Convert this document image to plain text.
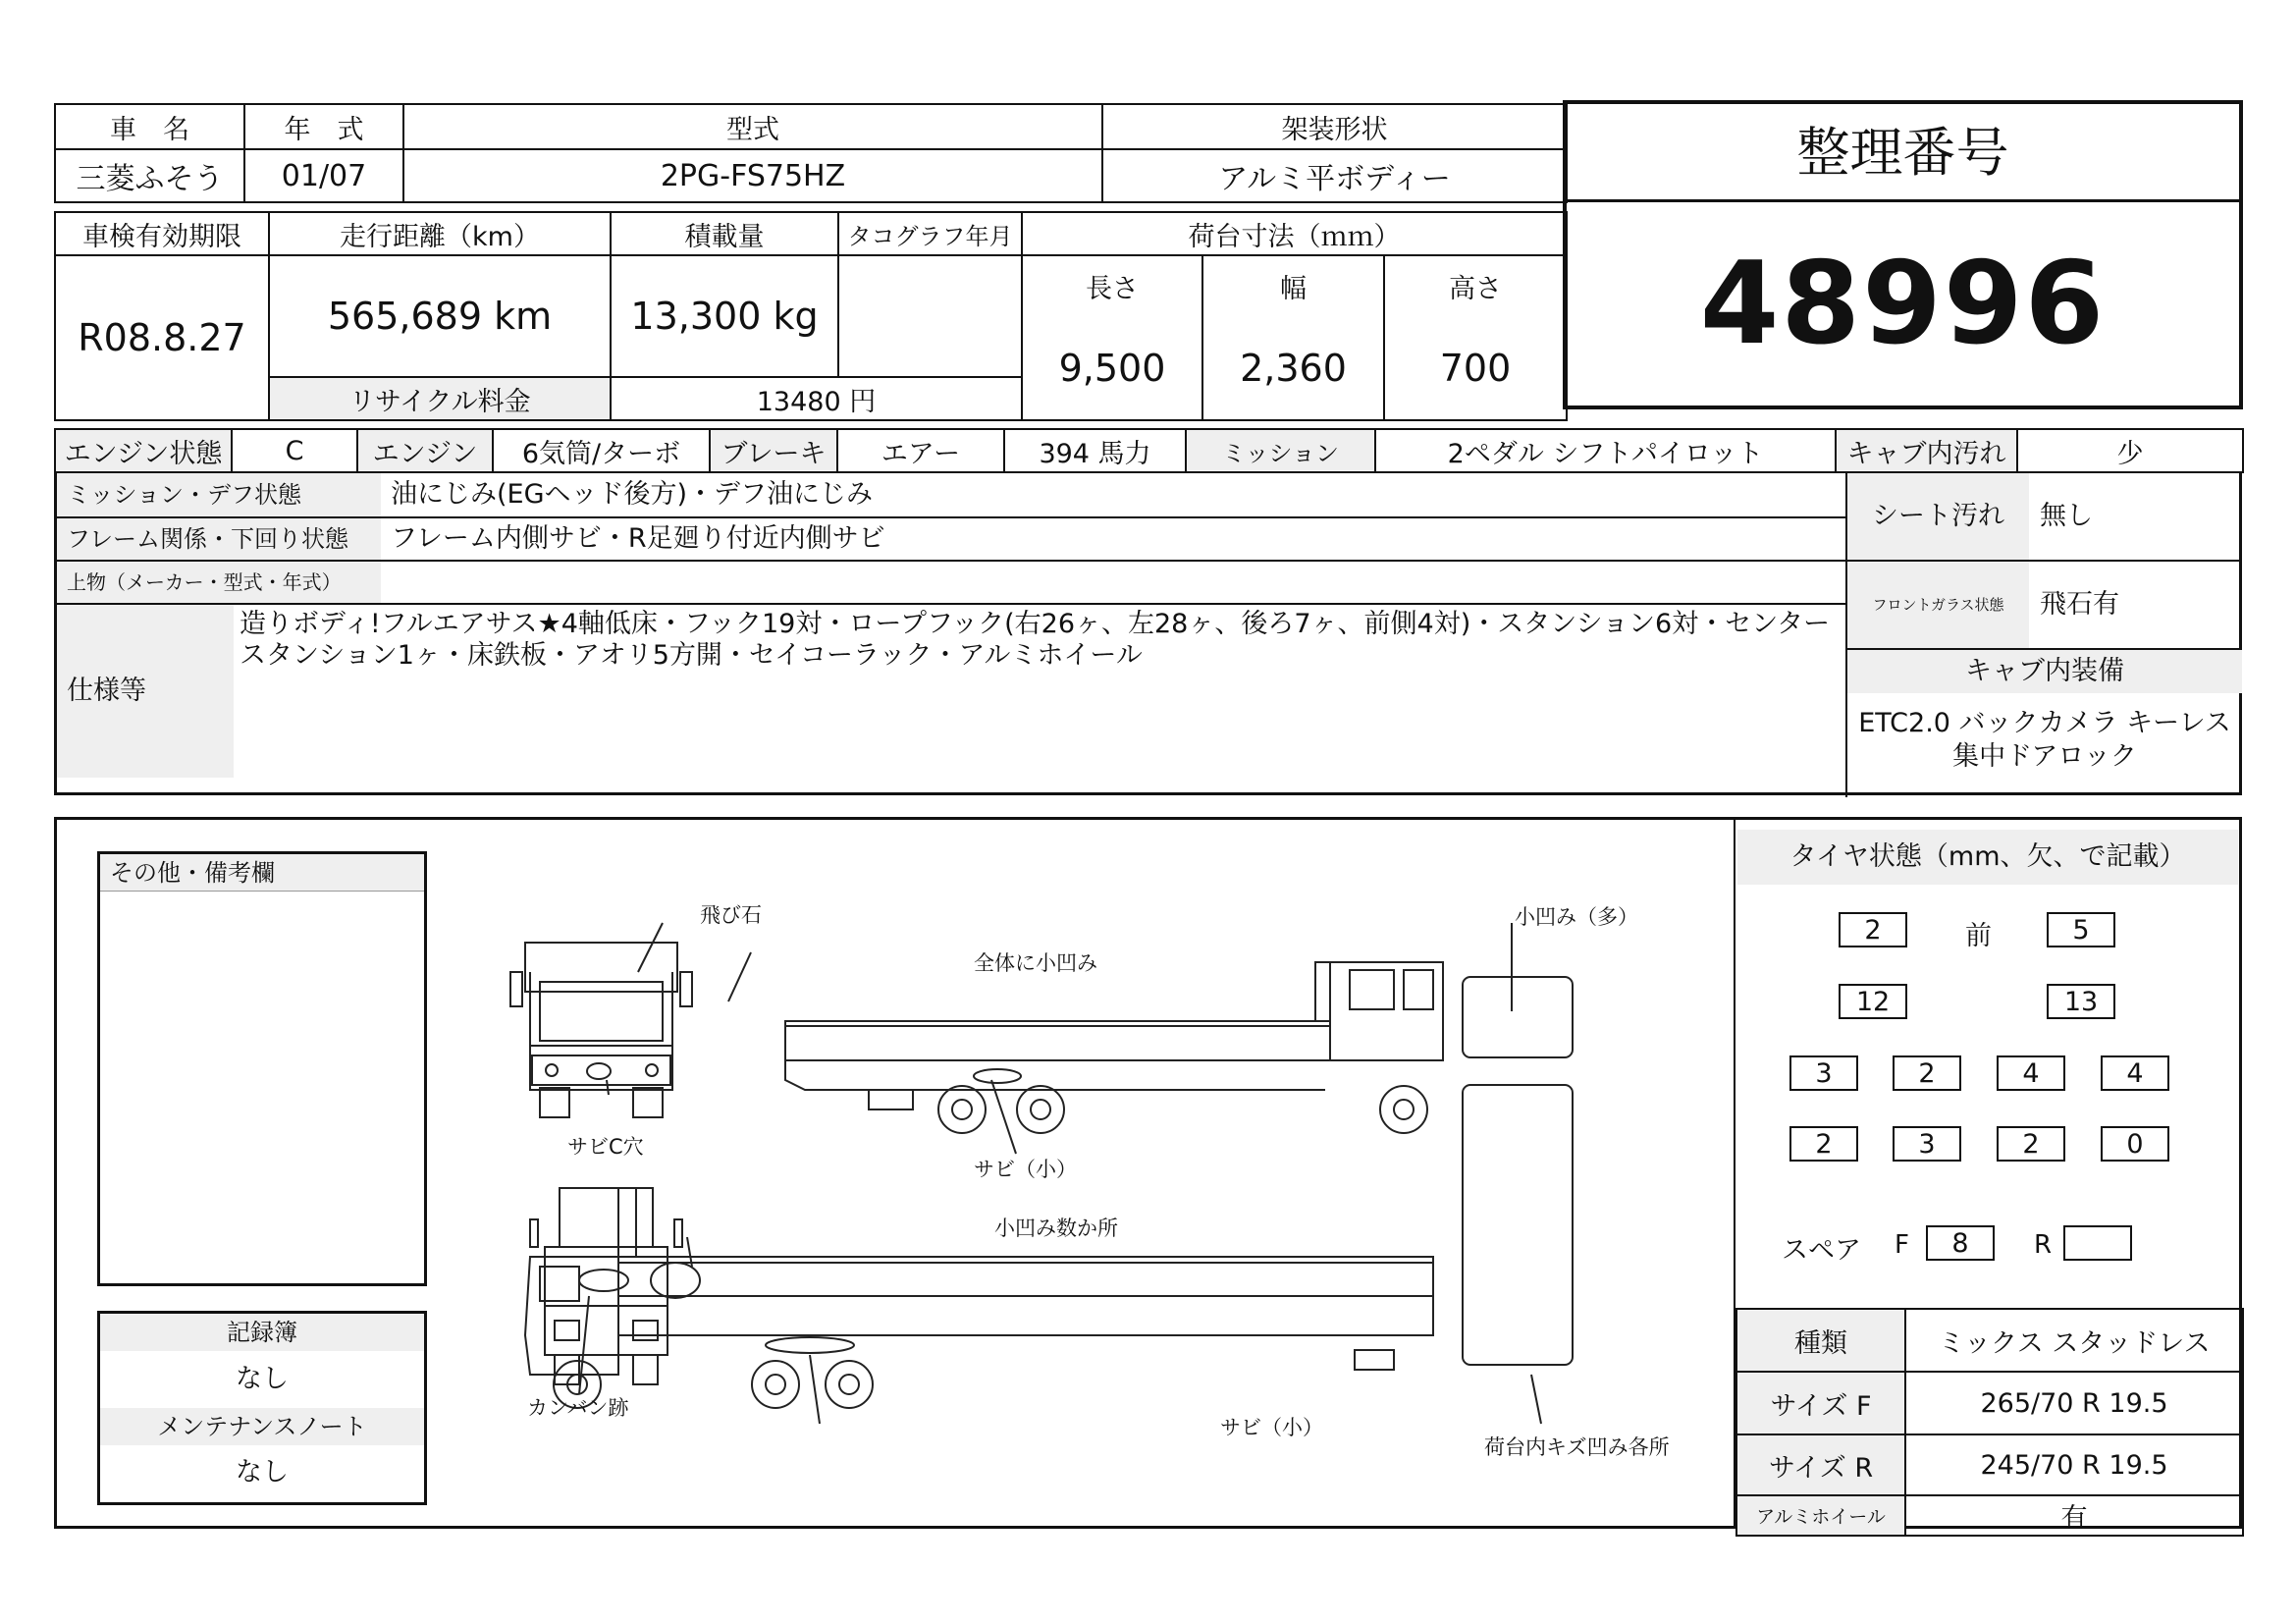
車　名	年　式	型式	架装形状
三菱ふそう	01/07	2PG-FS75HZ	アルミ平ボディー
車検有効期限	走行距離（km）	積載量	タコグラフ年月	荷台寸法（ｍｍ）		
R08.8.27	565,689 km	13,300 kg		長さ	幅	高さ
				9,500	2,360	700
	リサイクル料金	13480 円				
整理番号
48996
エンジン状態	C	エンジン	6気筒/ターボ	ブレーキ	エアー	394 馬力	ミッション	2ペダル シフトパイロット	キャブ内汚れ	少
ミッション・デフ状態	油にじみ(EGヘッド後方)・デフ油にじみ
フレーム関係・下回り状態	フレーム内側サビ・R足廻り付近内側サビ
上物（メーカー・型式・年式）
仕様等
造りボディ!フルエアサス★4軸低床・フック19対・ロープフック(右26ヶ、左28ヶ、後ろ7ヶ、前側4対)・スタンション6対・センタースタンション1ヶ・床鉄板・アオリ5方開・セイコーラック・アルミホイール
シート汚れ	無し
フロントガラス状態	飛石有
キャブ内装備
ETC2.0 バックカメラ キーレス 集中ドアロック
その他・備考欄
記録簿
なし
メンテナンスノート
なし
飛び石
サビC穴
全体に小凹み
サビ（小）
小凹み（多）
小凹み数か所
カンバン跡
サビ（小）
荷台内キズ凹み各所
タイヤ状態（mm、欠、で記載）
2	前	5
12	13
3	2	4	4
2	3	2	0
スペア F	8	R
種類	ミックス スタッドレス
サイズ F	265/70 R 19.5
サイズ R	245/70 R 19.5
アルミホイール	有
